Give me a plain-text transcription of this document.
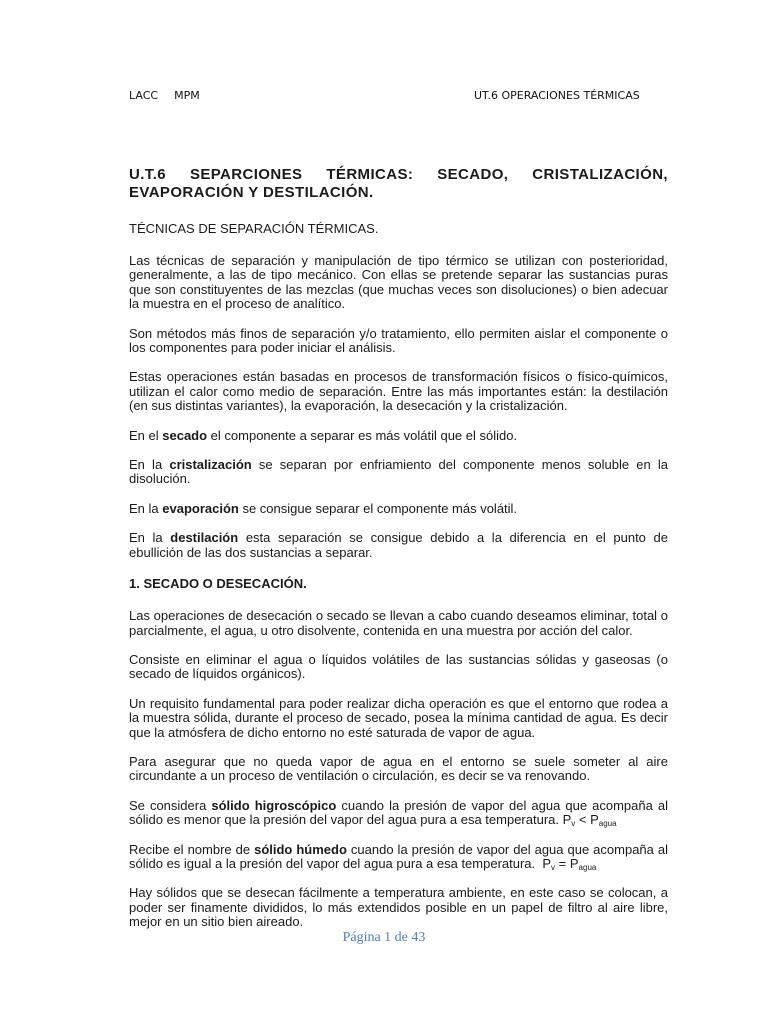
LACC MPM	UT.6 OPERACIONES TÉRMICAS
U.T.6 SEPARCIONES TÉRMICAS: SECADO, CRISTALIZACIÓN, EVAPORACIÓN Y DESTILACIÓN.
TÉCNICAS DE SEPARACIÓN TÉRMICAS.

Las técnicas de separación y manipulación de tipo térmico se utilizan con posterioridad, generalmente, a las de tipo mecánico. Con ellas se pretende separar las sustancias puras que son constituyentes de las mezclas (que muchas veces son disoluciones) o bien adecuar la muestra en el proceso de analítico.

Son métodos más finos de separación y/o tratamiento, ello permiten aislar el componente o los componentes para poder iniciar el análisis.

Estas operaciones están basadas en procesos de transformación físicos o físico-químicos, utilizan el calor como medio de separación. Entre las más importantes están: la destilación (en sus distintas variantes), la evaporación, la desecación y la cristalización.

En el secado el componente a separar es más volátil que el sólido.

En la cristalización se separan por enfriamiento del componente menos soluble en la disolución.

En la evaporación se consigue separar el componente más volátil.

En la destilación esta separación se consigue debido a la diferencia en el punto de ebullición de las dos sustancias a separar.

1. SECADO O DESECACIÓN.

Las operaciones de desecación o secado se llevan a cabo cuando deseamos eliminar, total o parcialmente, el agua, u otro disolvente, contenida en una muestra por acción del calor.

Consiste en eliminar el agua o líquidos volátiles de las sustancias sólidas y gaseosas (o secado de líquidos orgánicos).

Un requisito fundamental para poder realizar dicha operación es que el entorno que rodea a la muestra sólida, durante el proceso de secado, posea la mínima cantidad de agua. Es decir que la atmósfera de dicho entorno no esté saturada de vapor de agua.

Para asegurar que no queda vapor de agua en el entorno se suele someter al aire circundante a un proceso de ventilación o circulación, es decir se va renovando.

Se considera sólido higroscópico cuando la presión de vapor del agua que acompaña al sólido es menor que la presión del vapor del agua pura a esa temperatura. $P_v < P_{agua}$

Recibe el nombre de sólido húmedo cuando la presión de vapor del agua que acompaña al sólido es igual a la presión del vapor del agua pura a esa temperatura.  $P_v = P_{agua}$

Hay sólidos que se desecan fácilmente a temperatura ambiente, en este caso se colocan, a poder ser finamente divididos, lo más extendidos posible en un papel de filtro al aire libre, mejor en un sitio bien aireado.

Página 1 de 43
